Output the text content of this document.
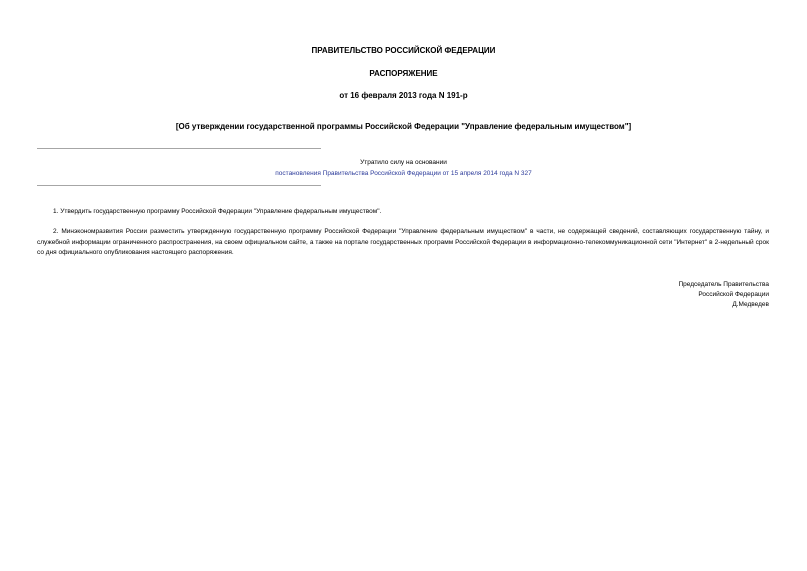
ПРАВИТЕЛЬСТВО РОССИЙСКОЙ ФЕДЕРАЦИИ
РАСПОРЯЖЕНИЕ
от 16 февраля 2013 года N 191-р
[Об утверждении государственной программы Российской Федерации "Управление федеральным имуществом"]
Утратило силу на основании
постановления Правительства Российской Федерации от 15 апреля 2014 года N 327

1. Утвердить государственную программу Российской Федерации "Управление федеральным имуществом".

2. Минэкономразвития России разместить утвержденную государственную программу Российской Федерации "Управление федеральным имуществом" в части, не содержащей сведений, составляющих государственную тайну, и служебной информации ограниченного распространения, на своем официальном сайте, а также на портале государственных программ Российской Федерации в информационно-телекоммуникационной сети "Интернет" в 2-недельный срок со дня официального опубликования настоящего распоряжения.

Председатель Правительства
Российской Федерации
Д.Медведев
